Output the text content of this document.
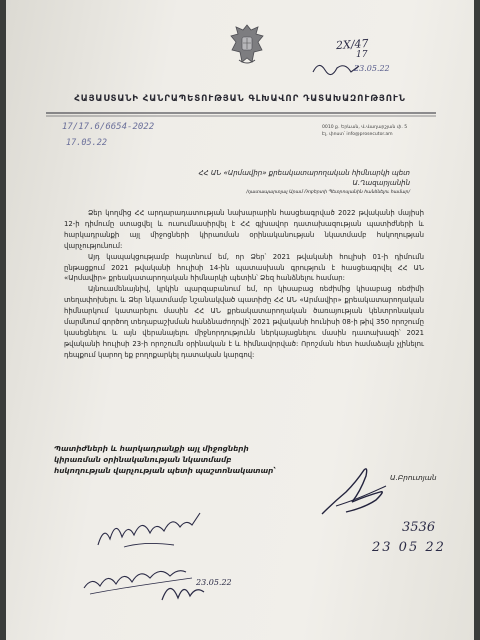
ՀԱՅԱՍՏԱՆԻ ՀԱՆՐԱՊԵՏՈՒԹՅԱՆ ԳԼԽԱՎՈՐ ԴԱՏԱԽԱԶՈՒԹՅՈՒՆ
2Х/47
17
23.05.22
17/17.6/6654-2022
17.05.22
0010 ք. Երևան, Վ.Վաղարշյան փ. 5
Էլ. փոստ՝ info@prosecutor.am
ՀՀ ԱՆ «Արմավիր» քրեակատարողական հիմնարկի պետ
Ա.Ղազարյանին
/դատապարտյալ Արամ Ռոբերտի Պետրոսյանին հանձնելու համար/

Ձեր կողմից ՀՀ արդարադատության նախարարին հասցեագրված 2022 թվականի մայիսի 12-ի դիմումը ստացվել և ուսումնասիրվել է ՀՀ գլխավոր դատախազության պատիժների և հարկադրանքի այլ միջոցների կիրառման օրինականության նկատմամբ հսկողության վարչությունում:

Այդ կապակցությամբ հայտնում եմ, որ Ձեր՝ 2021 թվականի հուլիսի 01-ի դիմումն ընթացքում 2021 թվականի հուլիսի 14-ին պատասխան գրություն է հասցեագրվել ՀՀ ԱՆ «Արմավիր» քրեակատարողական հիմնարկի պետին՝ Ձեզ հանձնելու համար:

Այնուամենայնիվ, կրկին պարզաբանում եմ, որ կիսաբաց ռեժիմից կիսաբաց ռեժիմի տեղափոխելու և Ձեր նկատմամբ նշանակված պատիժը ՀՀ ԱՆ «Արմավիր» քրեակատարողական հիմնարկում կատարելու մասին ՀՀ ԱՆ քրեակատարողական ծառայության կենտրոնական մարմնում գործող տեղաբաշխման հանձնաժողովի՝ 2021 թվականի հունիսի 08-ի թիվ 350 որոշումը կասեցնելու և այն վերանայելու միջնորդությունն ներկայացնելու մասին դատախազի՝ 2021 թվականի հուլիսի 23-ի որոշումն օրինական է և հիմնավորված: Որոշման հետ համաձայն չլինելու դեպքում կարող եք բողոքարկել դատական կարգով:

Պատիժների և հարկադրանքի այլ միջոցների
կիրառման օրինականության նկատմամբ
հսկողության վարչության պետի պաշտոնակատար՝
Ա.Բրուտյան
3536
23 05 22
23.05.22
